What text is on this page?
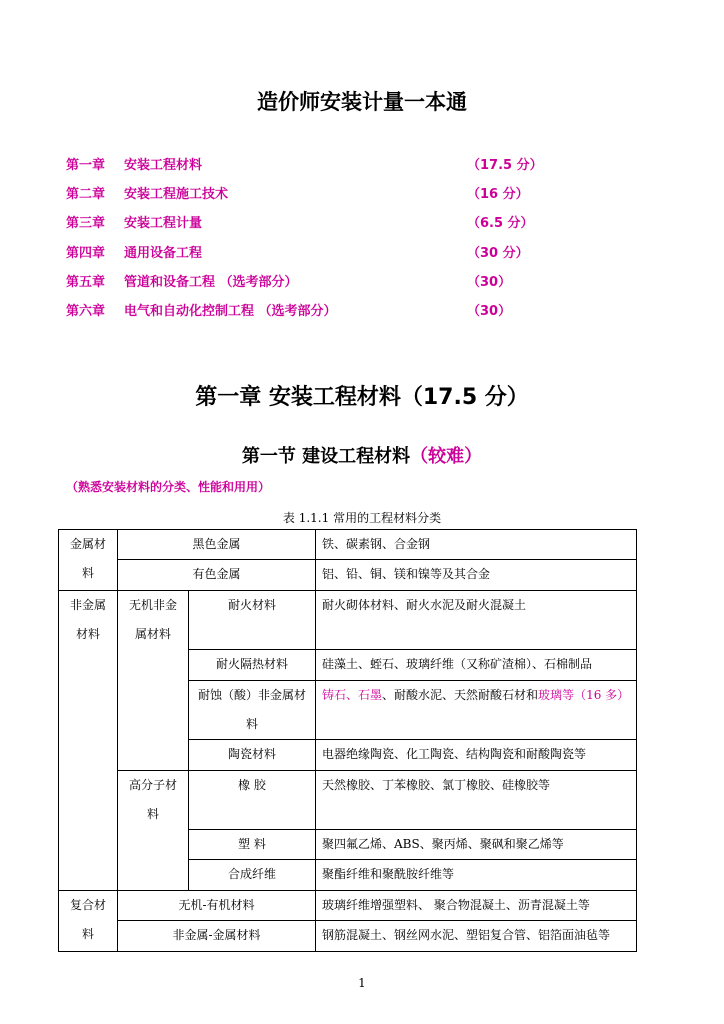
造价师安装计量一本通
第一章 安装工程材料	（17.5 分）
第二章 安装工程施工技术	（16 分）
第三章 安装工程计量	（6.5 分）
第四章 通用设备工程	（30 分）
第五章 管道和设备工程 （选考部分）	（30）
第六章 电气和自动化控制工程 （选考部分）	（30）
第一章 安装工程材料（17.5 分）
第一节 建设工程材料（较难）
（熟悉安装材料的分类、性能和用用）
表 1.1.1 常用的工程材料分类
金属材料	黑色金属		铁、碳素钢、合金钢
	有色金属		铝、铅、铜、镁和镍等及其合金
非金属材料	无机非金属材料	耐火材料	耐火砌体材料、耐火水泥及耐火混凝土
		耐火隔热材料	硅藻土、蛭石、玻璃纤维（又称矿渣棉）、石棉制品
		耐蚀（酸）非金属材料	铸石、石墨、耐酸水泥、天然耐酸石材和玻璃等（16 多）
		陶瓷材料	电器绝缘陶瓷、化工陶瓷、结构陶瓷和耐酸陶瓷等
	高分子材料	橡 胶	天然橡胶、丁苯橡胶、氯丁橡胶、硅橡胶等
		塑 料	聚四氟乙烯、ABS、聚丙烯、聚砜和聚乙烯等
		合成纤维	聚酯纤维和聚酰胺纤维等
复合材料	无机-有机材料		玻璃纤维增强塑料、 聚合物混凝土、沥青混凝土等
	非金属-金属材料		钢筋混凝土、钢丝网水泥、塑铝复合管、铝箔面油毡等
1
